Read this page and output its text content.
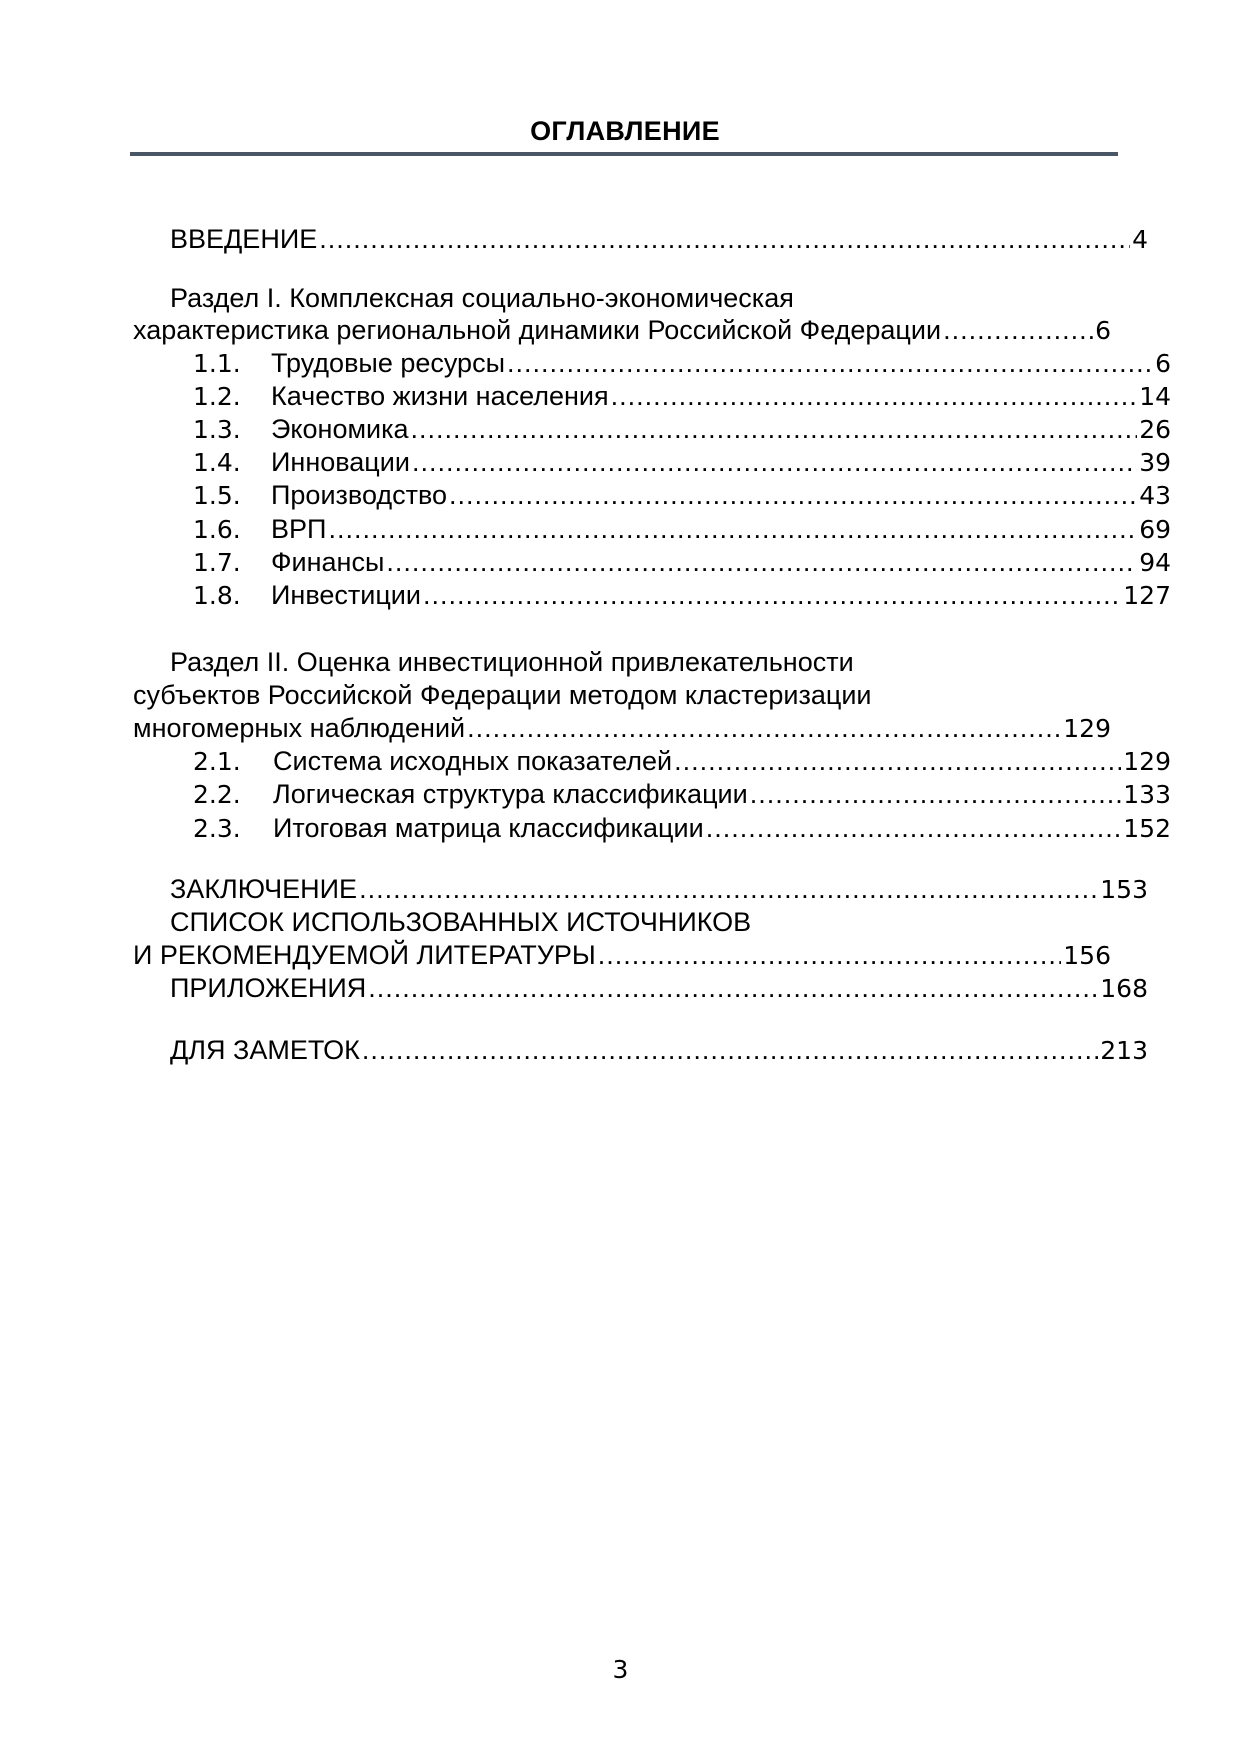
ОГЛАВЛЕНИЕ
ВВЕДЕНИЕ .....	4
Раздел I. Комплексная социально-экономическая
характеристика региональной динамики Российской Федерации .....	6
1.1.	Трудовые ресурсы .....	6
1.2.	Качество жизни населения .....	14
1.3.	Экономика .....	26
1.4.	Инновации .....	39
1.5.	Производство .....	43
1.6.	ВРП .....	69
1.7.	Финансы .....	94
1.8.	Инвестиции .....	127
Раздел II. Оценка инвестиционной привлекательности
субъектов Российской Федерации методом кластеризации
многомерных наблюдений .....	129
2.1.	Система исходных показателей .....	129
2.2.	Логическая структура классификации .....	133
2.3.	Итоговая матрица классификации .....	152
ЗАКЛЮЧЕНИЕ .....	153
СПИСОК ИСПОЛЬЗОВАННЫХ ИСТОЧНИКОВ
И РЕКОМЕНДУЕМОЙ ЛИТЕРАТУРЫ .....	156
ПРИЛОЖЕНИЯ .....	168
ДЛЯ ЗАМЕТОК .....	213
3
